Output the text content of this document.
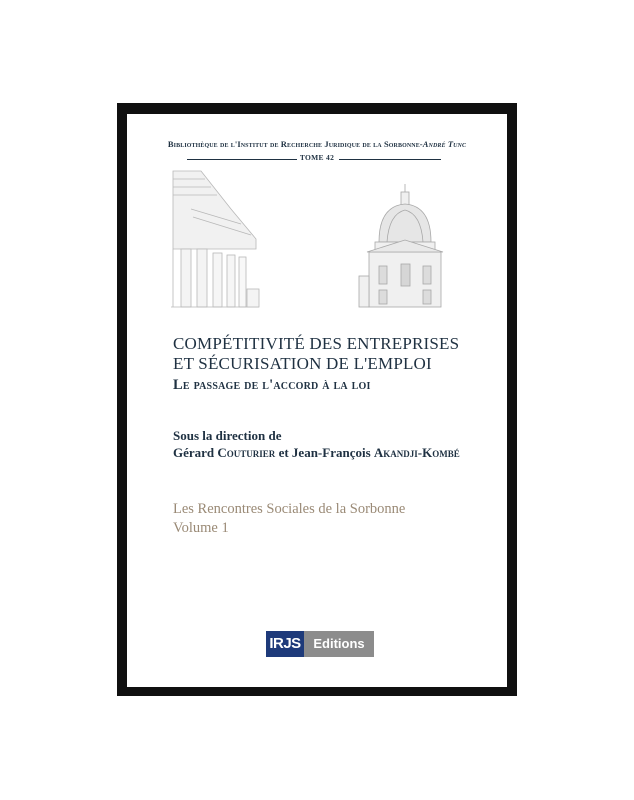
Bibliothèque de l'Institut de Recherche Juridique de la Sorbonne-André Tunc
TOME 42
COMPÉTITIVITÉ DES ENTREPRISES
ET SÉCURISATION DE L'EMPLOI
Le passage de l'accord à la loi
Sous la direction de
Gérard Couturier et Jean-François Akandji-Kombé
Les Rencontres Sociales de la Sorbonne
Volume 1
IRJS Editions
